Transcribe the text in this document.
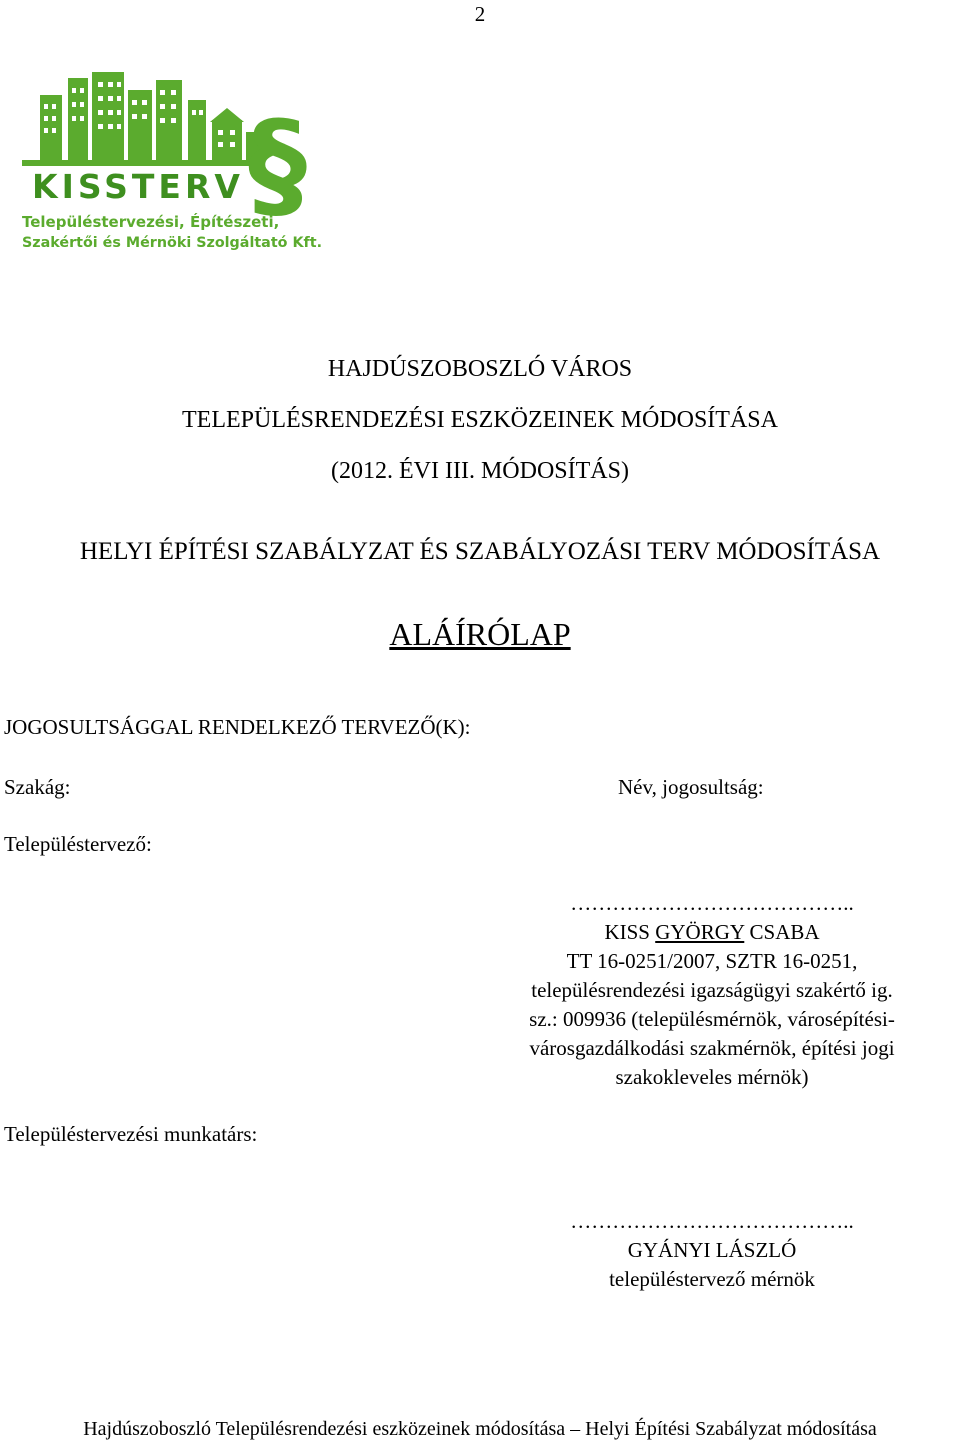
2
§
KISSTERV
Településtervezési, Építészeti,
Szakértői és Mérnöki Szolgáltató Kft.
HAJDÚSZOBOSZLÓ VÁROS
TELEPÜLÉSRENDEZÉSI ESZKÖZEINEK MÓDOSÍTÁSA
(2012. ÉVI III. MÓDOSÍTÁS)
HELYI ÉPÍTÉSI SZABÁLYZAT ÉS SZABÁLYOZÁSI TERV MÓDOSÍTÁSA
ALÁÍRÓLAP
JOGOSULTSÁGGAL RENDELKEZŐ TERVEZŐ(K):
Szakág:	Név, jogosultság:
Településtervező:
…………………………………..
KISS GYÖRGY CSABA
TT 16-0251/2007, SZTR 16-0251,
településrendezési igazságügyi szakértő ig.
sz.: 009936 (településmérnök, városépítési-
városgazdálkodási szakmérnök, építési jogi
szakokleveles mérnök)
Településtervezési munkatárs:
…………………………………..
GYÁNYI LÁSZLÓ
településtervező mérnök
Hajdúszoboszló Településrendezési eszközeinek módosítása – Helyi Építési Szabályzat módosítása
